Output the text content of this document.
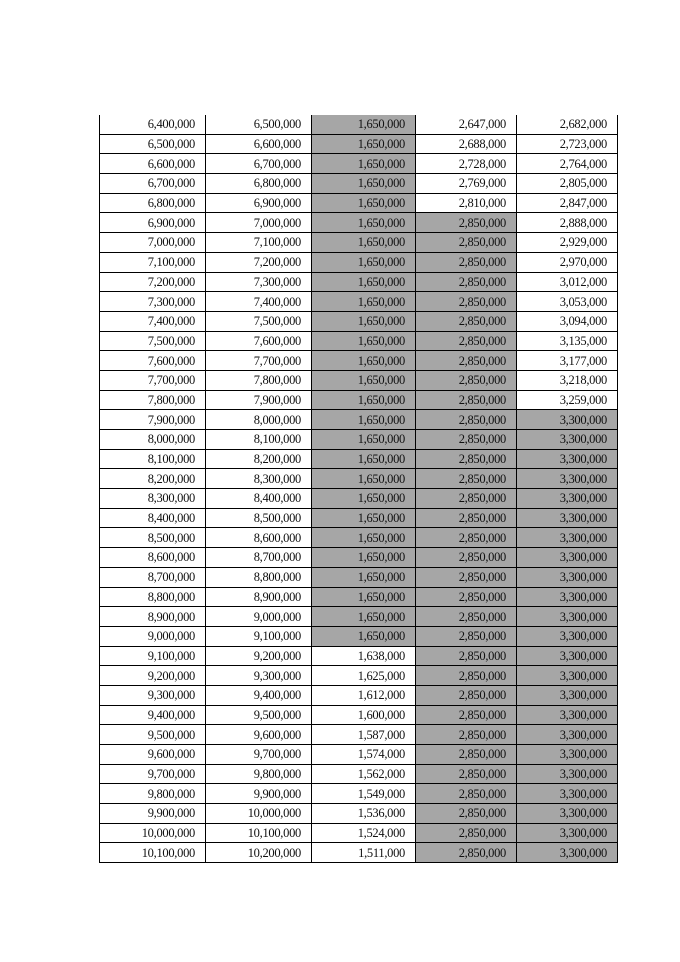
6,400,000	6,500,000	1,650,000	2,647,000	2,682,000
6,500,000	6,600,000	1,650,000	2,688,000	2,723,000
6,600,000	6,700,000	1,650,000	2,728,000	2,764,000
6,700,000	6,800,000	1,650,000	2,769,000	2,805,000
6,800,000	6,900,000	1,650,000	2,810,000	2,847,000
6,900,000	7,000,000	1,650,000	2,850,000	2,888,000
7,000,000	7,100,000	1,650,000	2,850,000	2,929,000
7,100,000	7,200,000	1,650,000	2,850,000	2,970,000
7,200,000	7,300,000	1,650,000	2,850,000	3,012,000
7,300,000	7,400,000	1,650,000	2,850,000	3,053,000
7,400,000	7,500,000	1,650,000	2,850,000	3,094,000
7,500,000	7,600,000	1,650,000	2,850,000	3,135,000
7,600,000	7,700,000	1,650,000	2,850,000	3,177,000
7,700,000	7,800,000	1,650,000	2,850,000	3,218,000
7,800,000	7,900,000	1,650,000	2,850,000	3,259,000
7,900,000	8,000,000	1,650,000	2,850,000	3,300,000
8,000,000	8,100,000	1,650,000	2,850,000	3,300,000
8,100,000	8,200,000	1,650,000	2,850,000	3,300,000
8,200,000	8,300,000	1,650,000	2,850,000	3,300,000
8,300,000	8,400,000	1,650,000	2,850,000	3,300,000
8,400,000	8,500,000	1,650,000	2,850,000	3,300,000
8,500,000	8,600,000	1,650,000	2,850,000	3,300,000
8,600,000	8,700,000	1,650,000	2,850,000	3,300,000
8,700,000	8,800,000	1,650,000	2,850,000	3,300,000
8,800,000	8,900,000	1,650,000	2,850,000	3,300,000
8,900,000	9,000,000	1,650,000	2,850,000	3,300,000
9,000,000	9,100,000	1,650,000	2,850,000	3,300,000
9,100,000	9,200,000	1,638,000	2,850,000	3,300,000
9,200,000	9,300,000	1,625,000	2,850,000	3,300,000
9,300,000	9,400,000	1,612,000	2,850,000	3,300,000
9,400,000	9,500,000	1,600,000	2,850,000	3,300,000
9,500,000	9,600,000	1,587,000	2,850,000	3,300,000
9,600,000	9,700,000	1,574,000	2,850,000	3,300,000
9,700,000	9,800,000	1,562,000	2,850,000	3,300,000
9,800,000	9,900,000	1,549,000	2,850,000	3,300,000
9,900,000	10,000,000	1,536,000	2,850,000	3,300,000
10,000,000	10,100,000	1,524,000	2,850,000	3,300,000
10,100,000	10,200,000	1,511,000	2,850,000	3,300,000
